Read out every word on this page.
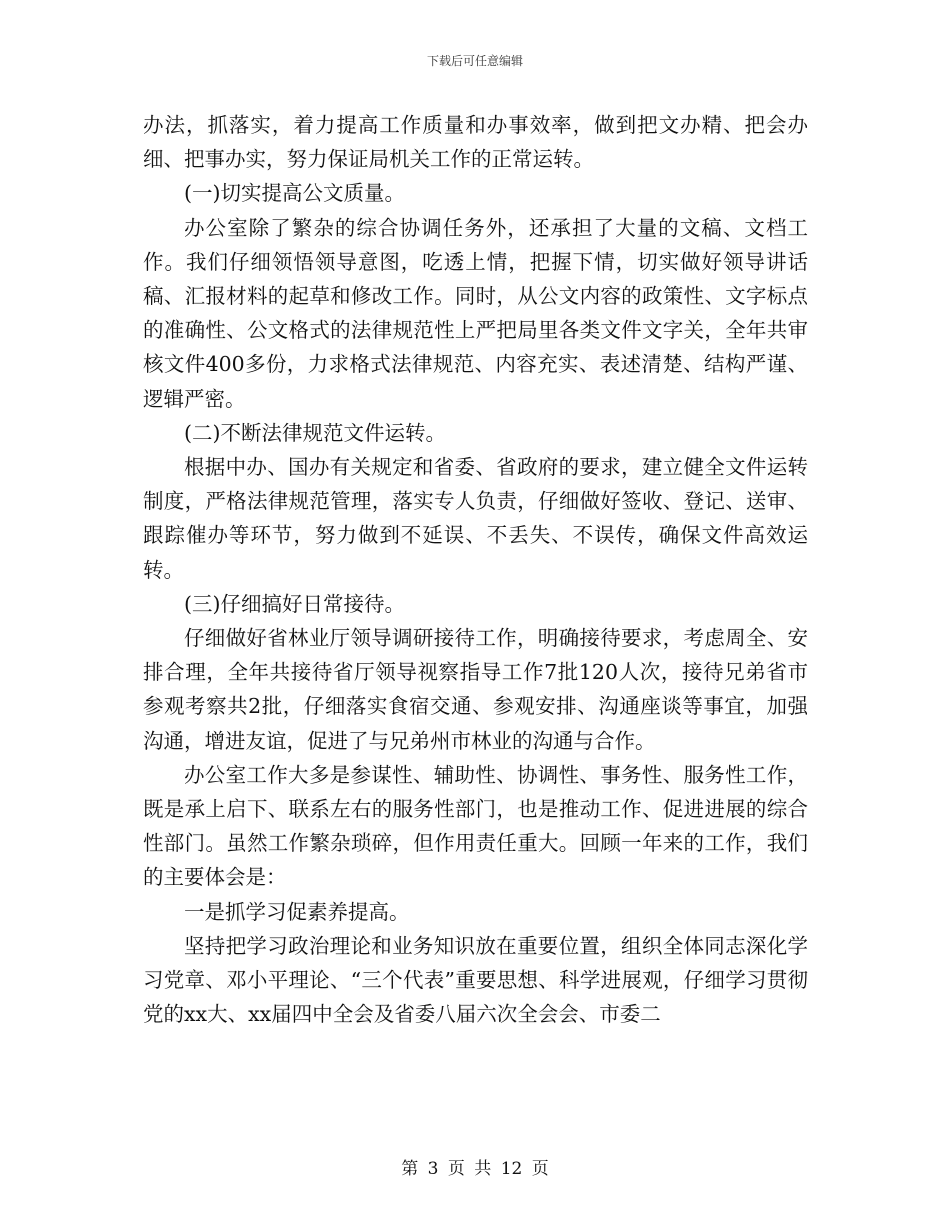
下载后可任意编辑

办法，抓落实，着力提高工作质量和办事效率，做到把文办精、把会办细、把事办实，努力保证局机关工作的正常运转。

(一)切实提高公文质量。

办公室除了繁杂的综合协调任务外，还承担了大量的文稿、文档工作。我们仔细领悟领导意图，吃透上情，把握下情，切实做好领导讲话稿、汇报材料的起草和修改工作。同时，从公文内容的政策性、文字标点的准确性、公文格式的法律规范性上严把局里各类文件文字关，全年共审核文件400多份，力求格式法律规范、内容充实、表述清楚、结构严谨、逻辑严密。

(二)不断法律规范文件运转。

根据中办、国办有关规定和省委、省政府的要求，建立健全文件运转制度，严格法律规范管理，落实专人负责，仔细做好签收、登记、送审、跟踪催办等环节，努力做到不延误、不丢失、不误传，确保文件高效运转。

(三)仔细搞好日常接待。

仔细做好省林业厅领导调研接待工作，明确接待要求，考虑周全、安排合理，全年共接待省厅领导视察指导工作7批120人次，接待兄弟省市参观考察共2批，仔细落实食宿交通、参观安排、沟通座谈等事宜，加强沟通，增进友谊，促进了与兄弟州市林业的沟通与合作。

办公室工作大多是参谋性、辅助性、协调性、事务性、服务性工作，既是承上启下、联系左右的服务性部门，也是推动工作、促进进展的综合性部门。虽然工作繁杂琐碎，但作用责任重大。回顾一年来的工作，我们的主要体会是：

一是抓学习促素养提高。

坚持把学习政治理论和业务知识放在重要位置，组织全体同志深化学习党章、邓小平理论、“三个代表”重要思想、科学进展观，仔细学习贯彻党的xx大、xx届四中全会及省委八届六次全会会、市委二

第 3 页 共 12 页
